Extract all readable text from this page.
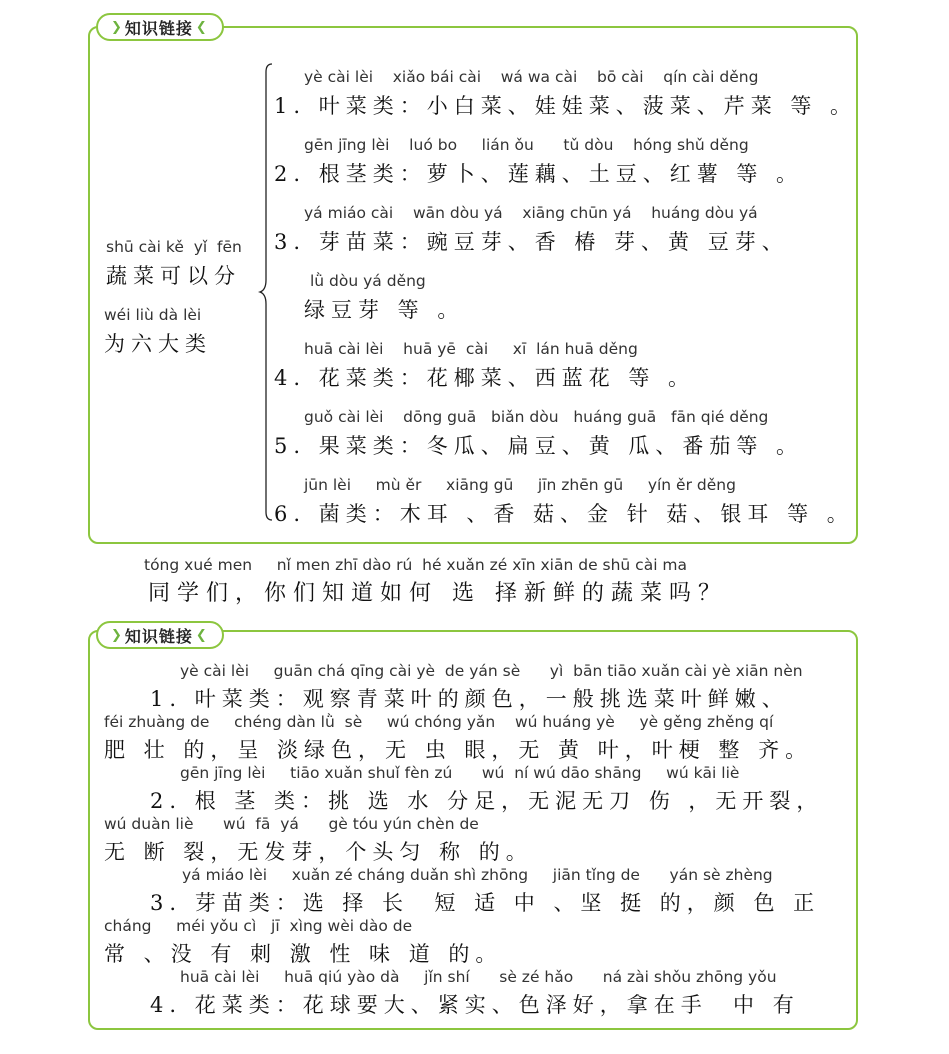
❯ 知识链接 ❮
shū cài kě  yǐ  fēn
蔬菜可以分
wéi liù dà lèi
为六大类
yè cài lèi    xiǎo bái cài    wá wa cài    bō cài    qín cài děng
1. 叶菜类：小白菜、娃娃菜、菠菜、芹菜 等 。
gēn jīng lèi    luó bo     lián ǒu      tǔ dòu    hóng shǔ děng
2. 根茎类：萝卜、莲藕、土豆、红薯 等 。
yá miáo cài    wān dòu yá    xiāng chūn yá    huáng dòu yá
3. 芽苗菜：豌豆芽、香 椿 芽、黄 豆芽、
lǜ dòu yá děng
绿豆芽 等 。
huā cài lèi    huā yē  cài     xī  lán huā děng
4. 花菜类：花椰菜、西蓝花 等 。
guǒ cài lèi    dōng guā   biǎn dòu   huáng guā   fān qié děng
5. 果菜类：冬瓜、扁豆、黄 瓜、番茄等 。
jūn lèi     mù ěr     xiāng gū     jīn zhēn gū     yín ěr děng
6. 菌类：木耳 、香 菇、金 针 菇、银耳 等 。
tóng xué men     nǐ men zhī dào rú  hé xuǎn zé xīn xiān de shū cài ma
同学们，你们知道如何 选 择新鲜的蔬菜吗？
❯ 知识链接 ❮
yè cài lèi     guān chá qīng cài yè  de yán sè      yì  bān tiāo xuǎn cài yè xiān nèn
1. 叶菜类：观察青菜叶的颜色，一般挑选菜叶鲜嫩、
féi zhuàng de     chéng dàn lǜ  sè     wú chóng yǎn    wú huáng yè     yè gěng zhěng qí
肥 壮 的，呈 淡绿色，无 虫 眼，无 黄 叶，叶梗 整 齐。
gēn jīng lèi     tiāo xuǎn shuǐ fèn zú      wú  ní wú dāo shāng     wú kāi liè
2. 根 茎 类：挑 选 水 分足，无泥无刀 伤 ，无开裂，
wú duàn liè      wú  fā  yá      gè tóu yún chèn de
无 断 裂，无发芽，个头匀 称 的。
yá miáo lèi     xuǎn zé cháng duǎn shì zhōng     jiān tǐng de      yán sè zhèng
3. 芽苗类：选 择 长  短 适 中 、坚 挺 的，颜 色 正
cháng     méi yǒu cì   jī  xìng wèi dào de
常 、没 有 刺 激 性 味 道 的。
huā cài lèi     huā qiú yào dà     jǐn shí      sè zé hǎo      ná zài shǒu zhōng yǒu
4. 花菜类：花球要大、紧实、色泽好，拿在手  中 有
